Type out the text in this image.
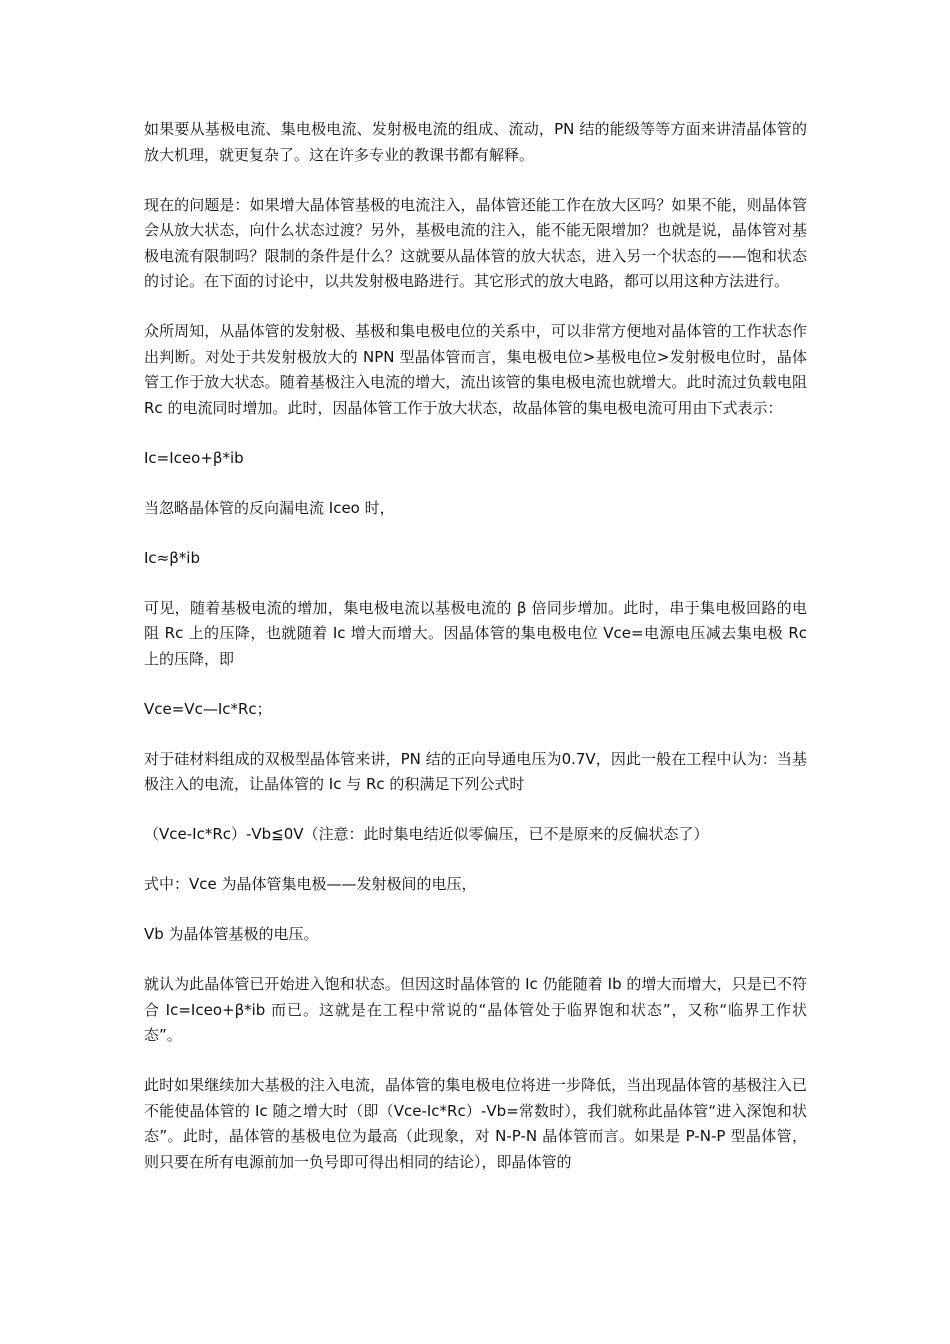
如果要从基极电流、集电极电流、发射极电流的组成、流动，PN 结的能级等等方面来讲清晶体管的放大机理，就更复杂了。这在许多专业的教课书都有解释。

现在的问题是：如果增大晶体管基极的电流注入，晶体管还能工作在放大区吗？如果不能，则晶体管会从放大状态，向什么状态过渡？另外，基极电流的注入，能不能无限增加？也就是说，晶体管对基极电流有限制吗？限制的条件是什么？这就要从晶体管的放大状态，进入另一个状态的——饱和状态的讨论。在下面的讨论中，以共发射极电路进行。其它形式的放大电路，都可以用这种方法进行。

众所周知，从晶体管的发射极、基极和集电极电位的关系中，可以非常方便地对晶体管的工作状态作出判断。对处于共发射极放大的 NPN 型晶体管而言，集电极电位>基极电位>发射极电位时，晶体管工作于放大状态。随着基极注入电流的增大，流出该管的集电极电流也就增大。此时流过负载电阻 Rc 的电流同时增加。此时，因晶体管工作于放大状态，故晶体管的集电极电流可用由下式表示：

Ic=Iceo+β*ib

当忽略晶体管的反向漏电流 Iceo 时，

Ic≈β*ib

可见，随着基极电流的增加，集电极电流以基极电流的 β 倍同步增加。此时，串于集电极回路的电阻 Rc 上的压降，也就随着 Ic 增大而增大。因晶体管的集电极电位 Vce=电源电压减去集电极 Rc 上的压降，即

Vce=Vc—Ic*Rc；

对于硅材料组成的双极型晶体管来讲，PN 结的正向导通电压为0.7V，因此一般在工程中认为：当基极注入的电流，让晶体管的 Ic 与 Rc 的积满足下列公式时

（Vce-Ic*Rc）-Vb≦0V（注意：此时集电结近似零偏压，已不是原来的反偏状态了）

式中：Vce 为晶体管集电极——发射极间的电压，

Vb 为晶体管基极的电压。

就认为此晶体管已开始进入饱和状态。但因这时晶体管的 Ic 仍能随着 Ib 的增大而增大，只是已不符合 Ic=Iceo+β*ib 而已。这就是在工程中常说的“晶体管处于临界饱和状态”，又称“临界工作状态”。

此时如果继续加大基极的注入电流，晶体管的集电极电位将进一步降低，当出现晶体管的基极注入已不能使晶体管的 Ic 随之增大时（即（Vce-Ic*Rc）-Vb=常数时），我们就称此晶体管“进入深饱和状态”。此时，晶体管的基极电位为最高（此现象，对 N-P-N 晶体管而言。如果是 P-N-P 型晶体管，则只要在所有电源前加一负号即可得出相同的结论），即晶体管的
